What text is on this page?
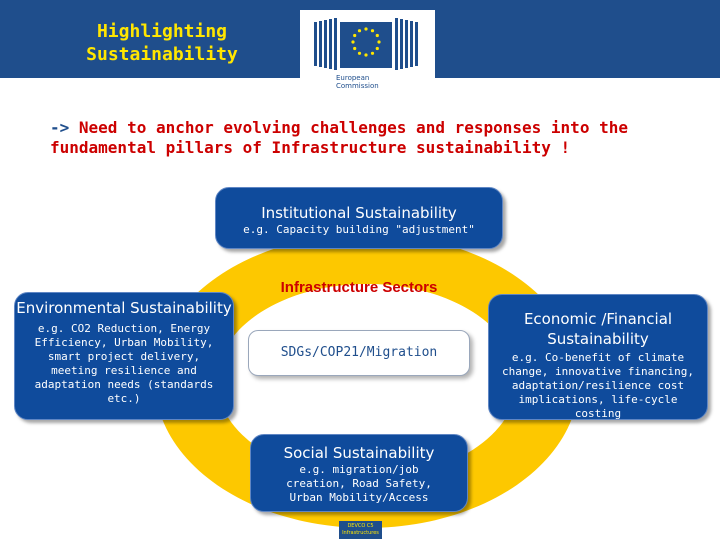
Highlighting
Sustainability
European
Commission
-> Need to anchor evolving challenges and responses into the fundamental pillars of Infrastructure sustainability !
Infrastructure Sectors
SDGs/COP21/Migration
Institutional Sustainability
e.g. Capacity building "adjustment"
Environmental Sustainability
e.g. CO2 Reduction, Energy Efficiency, Urban Mobility, smart project delivery, meeting resilience and adaptation needs (standards etc.)
Economic /Financial Sustainability
e.g. Co-benefit of climate change, innovative financing, adaptation/resilience cost implications, life-cycle costing
Social Sustainability
e.g. migration/job creation, Road Safety, Urban Mobility/Access
DEVCO C5
Infrastructures
